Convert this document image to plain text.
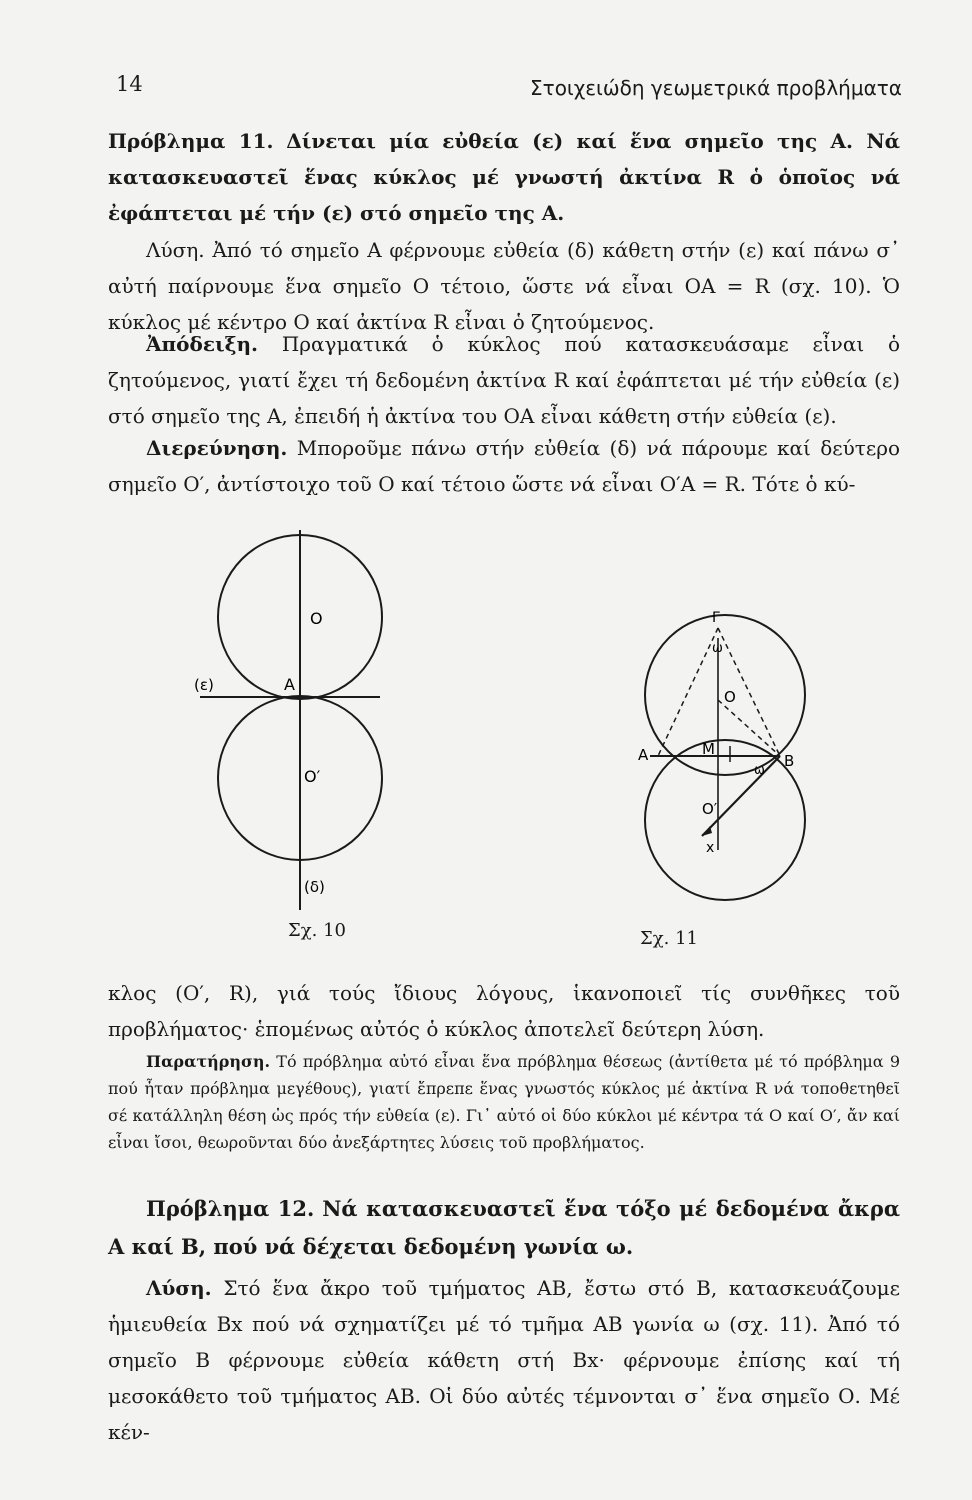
14	Στοιχειώδη γεωμετρικά προβλήματα

Πρόβλημα 11. Δίνεται μία εὐθεία (ε) καί ἕνα σημεῖο της Α. Νά κατασκευαστεῖ ἕνας κύκλος μέ γνωστή ἀκτίνα R ὁ ὁποῖος νά ἐφάπτεται μέ τήν (ε) στό σημεῖο της Α.

Λύση. Ἀπό τό σημεῖο Α φέρνουμε εὐθεία (δ) κάθετη στήν (ε) καί πάνω σ᾽ αὐτή παίρνουμε ἕνα σημεῖο Ο τέτοιο, ὥστε νά εἶναι ΟΑ = R (σχ. 10). Ὁ κύκλος μέ κέντρο Ο καί ἀκτίνα R εἶναι ὁ ζητούμενος.

Ἀπόδειξη. Πραγματικά ὁ κύκλος πού κατασκευάσαμε εἶναι ὁ ζητούμενος, γιατί ἔχει τή δεδομένη ἀκτίνα R καί ἐφάπτεται μέ τήν εὐθεία (ε) στό σημεῖο της Α, ἐπειδή ἡ ἀκτίνα του ΟΑ εἶναι κάθετη στήν εὐθεία (ε).

Διερεύνηση. Μποροῦμε πάνω στήν εὐθεία (δ) νά πάρουμε καί δεύτερο σημεῖο Ο′, ἀντίστοιχο τοῦ Ο καί τέτοιο ὥστε νά εἶναι Ο′Α = R. Τότε ὁ κύ-

O
A
(ε)
O′
(δ)
Σχ. 10
Γ
ω
O
A	M
B
ω
O′
x
Σχ. 11

κλος (Ο′, R), γιά τούς ἴδιους λόγους, ἱκανοποιεῖ τίς συνθῆκες τοῦ προβλήματος· ἑπομένως αὐτός ὁ κύκλος ἀποτελεῖ δεύτερη λύση.

Παρατήρηση. Τό πρόβλημα αὐτό εἶναι ἕνα πρόβλημα θέσεως (ἀντίθετα μέ τό πρόβλημα 9 πού ἦταν πρόβλημα μεγέθους), γιατί ἔπρεπε ἕνας γνωστός κύκλος μέ ἀκτίνα R νά τοποθετηθεῖ σέ κατάλληλη θέση ὡς πρός τήν εὐθεία (ε). Γι᾽ αὐτό οἱ δύο κύκλοι μέ κέντρα τά Ο καί Ο′, ἄν καί εἶναι ἴσοι, θεωροῦνται δύο ἀνεξάρτητες λύσεις τοῦ προβλήματος.

Πρόβλημα 12. Νά κατασκευαστεῖ ἕνα τόξο μέ δεδομένα ἄκρα Α καί Β, πού νά δέχεται δεδομένη γωνία ω.

Λύση. Στό ἕνα ἄκρο τοῦ τμήματος ΑΒ, ἔστω στό Β, κατασκευάζουμε ἡμιευθεία Βx πού νά σχηματίζει μέ τό τμῆμα ΑΒ γωνία ω (σχ. 11). Ἀπό τό σημεῖο Β φέρνουμε εὐθεία κάθετη στή Βx· φέρνουμε ἐπίσης καί τή μεσοκάθετο τοῦ τμήματος ΑΒ. Οἱ δύο αὐτές τέμνονται σ᾽ ἕνα σημεῖο Ο. Μέ κέν-
